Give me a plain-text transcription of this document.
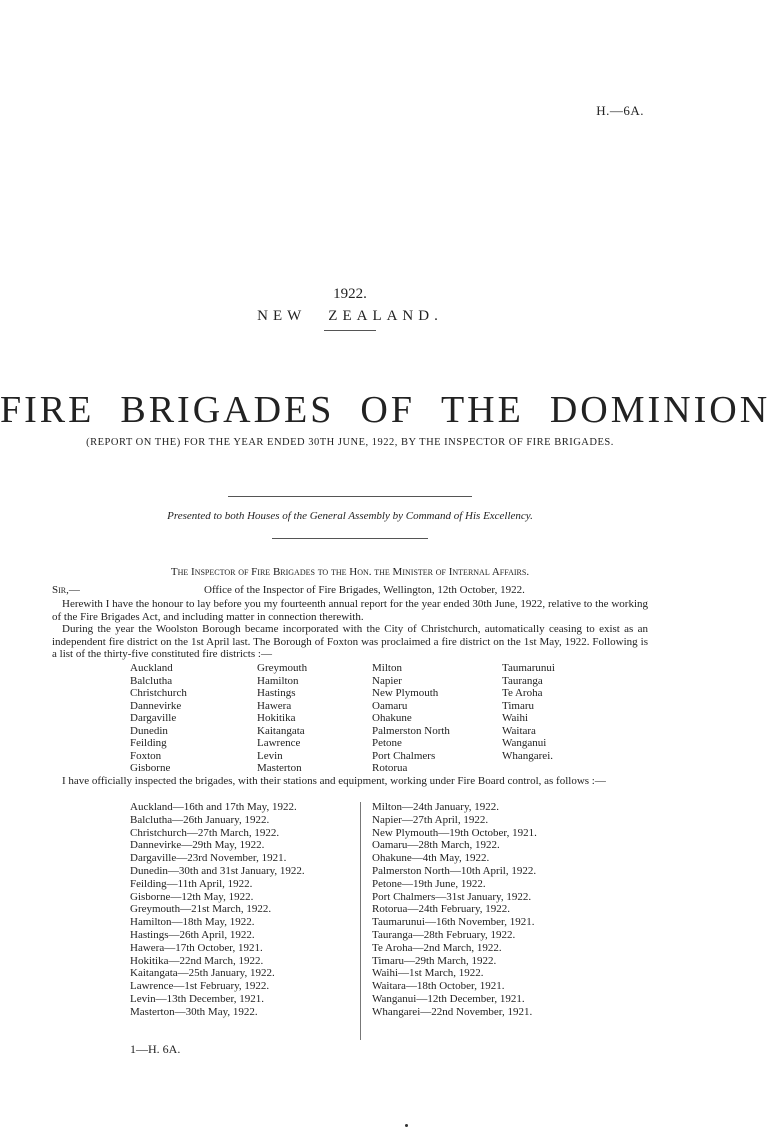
H.—6A.
1922.
NEW ZEALAND.
FIRE BRIGADES OF THE DOMINION
(REPORT ON THE) FOR THE YEAR ENDED 30TH JUNE, 1922, BY THE INSPECTOR OF FIRE BRIGADES.
Presented to both Houses of the General Assembly by Command of His Excellency.
The Inspector of Fire Brigades to the Hon. the Minister of Internal Affairs.
Sir,—	Office of the Inspector of Fire Brigades, Wellington, 12th October, 1922.
Herewith I have the honour to lay before you my fourteenth annual report for the year ended 30th June, 1922, relative to the working of the Fire Brigades Act, and including matter in connection therewith.
During the year the Woolston Borough became incorporated with the City of Christchurch, automatically ceasing to exist as an independent fire district on the 1st April last. The Borough of Foxton was proclaimed a fire district on the 1st May, 1922. Following is a list of the thirty-five constituted fire districts :—
Auckland
Balclutha
Christchurch
Dannevirke
Dargaville
Dunedin
Feilding
Foxton
Gisborne
Greymouth
Hamilton
Hastings
Hawera
Hokitika
Kaitangata
Lawrence
Levin
Masterton
Milton
Napier
New Plymouth
Oamaru
Ohakune
Palmerston North
Petone
Port Chalmers
Rotorua
Taumarunui
Tauranga
Te Aroha
Timaru
Waihi
Waitara
Wanganui
Whangarei.
I have officially inspected the brigades, with their stations and equipment, working under Fire Board control, as follows :—
Auckland—16th and 17th May, 1922.
Balclutha—26th January, 1922.
Christchurch—27th March, 1922.
Dannevirke—29th May, 1922.
Dargaville—23rd November, 1921.
Dunedin—30th and 31st January, 1922.
Feilding—11th April, 1922.
Gisborne—12th May, 1922.
Greymouth—21st March, 1922.
Hamilton—18th May, 1922.
Hastings—26th April, 1922.
Hawera—17th October, 1921.
Hokitika—22nd March, 1922.
Kaitangata—25th January, 1922.
Lawrence—1st February, 1922.
Levin—13th December, 1921.
Masterton—30th May, 1922.
Milton—24th January, 1922.
Napier—27th April, 1922.
New Plymouth—19th October, 1921.
Oamaru—28th March, 1922.
Ohakune—4th May, 1922.
Palmerston North—10th April, 1922.
Petone—19th June, 1922.
Port Chalmers—31st January, 1922.
Rotorua—24th February, 1922.
Taumarunui—16th November, 1921.
Tauranga—28th February, 1922.
Te Aroha—2nd March, 1922.
Timaru—29th March, 1922.
Waihi—1st March, 1922.
Waitara—18th October, 1921.
Wanganui—12th December, 1921.
Whangarei—22nd November, 1921.
1—H. 6A.
